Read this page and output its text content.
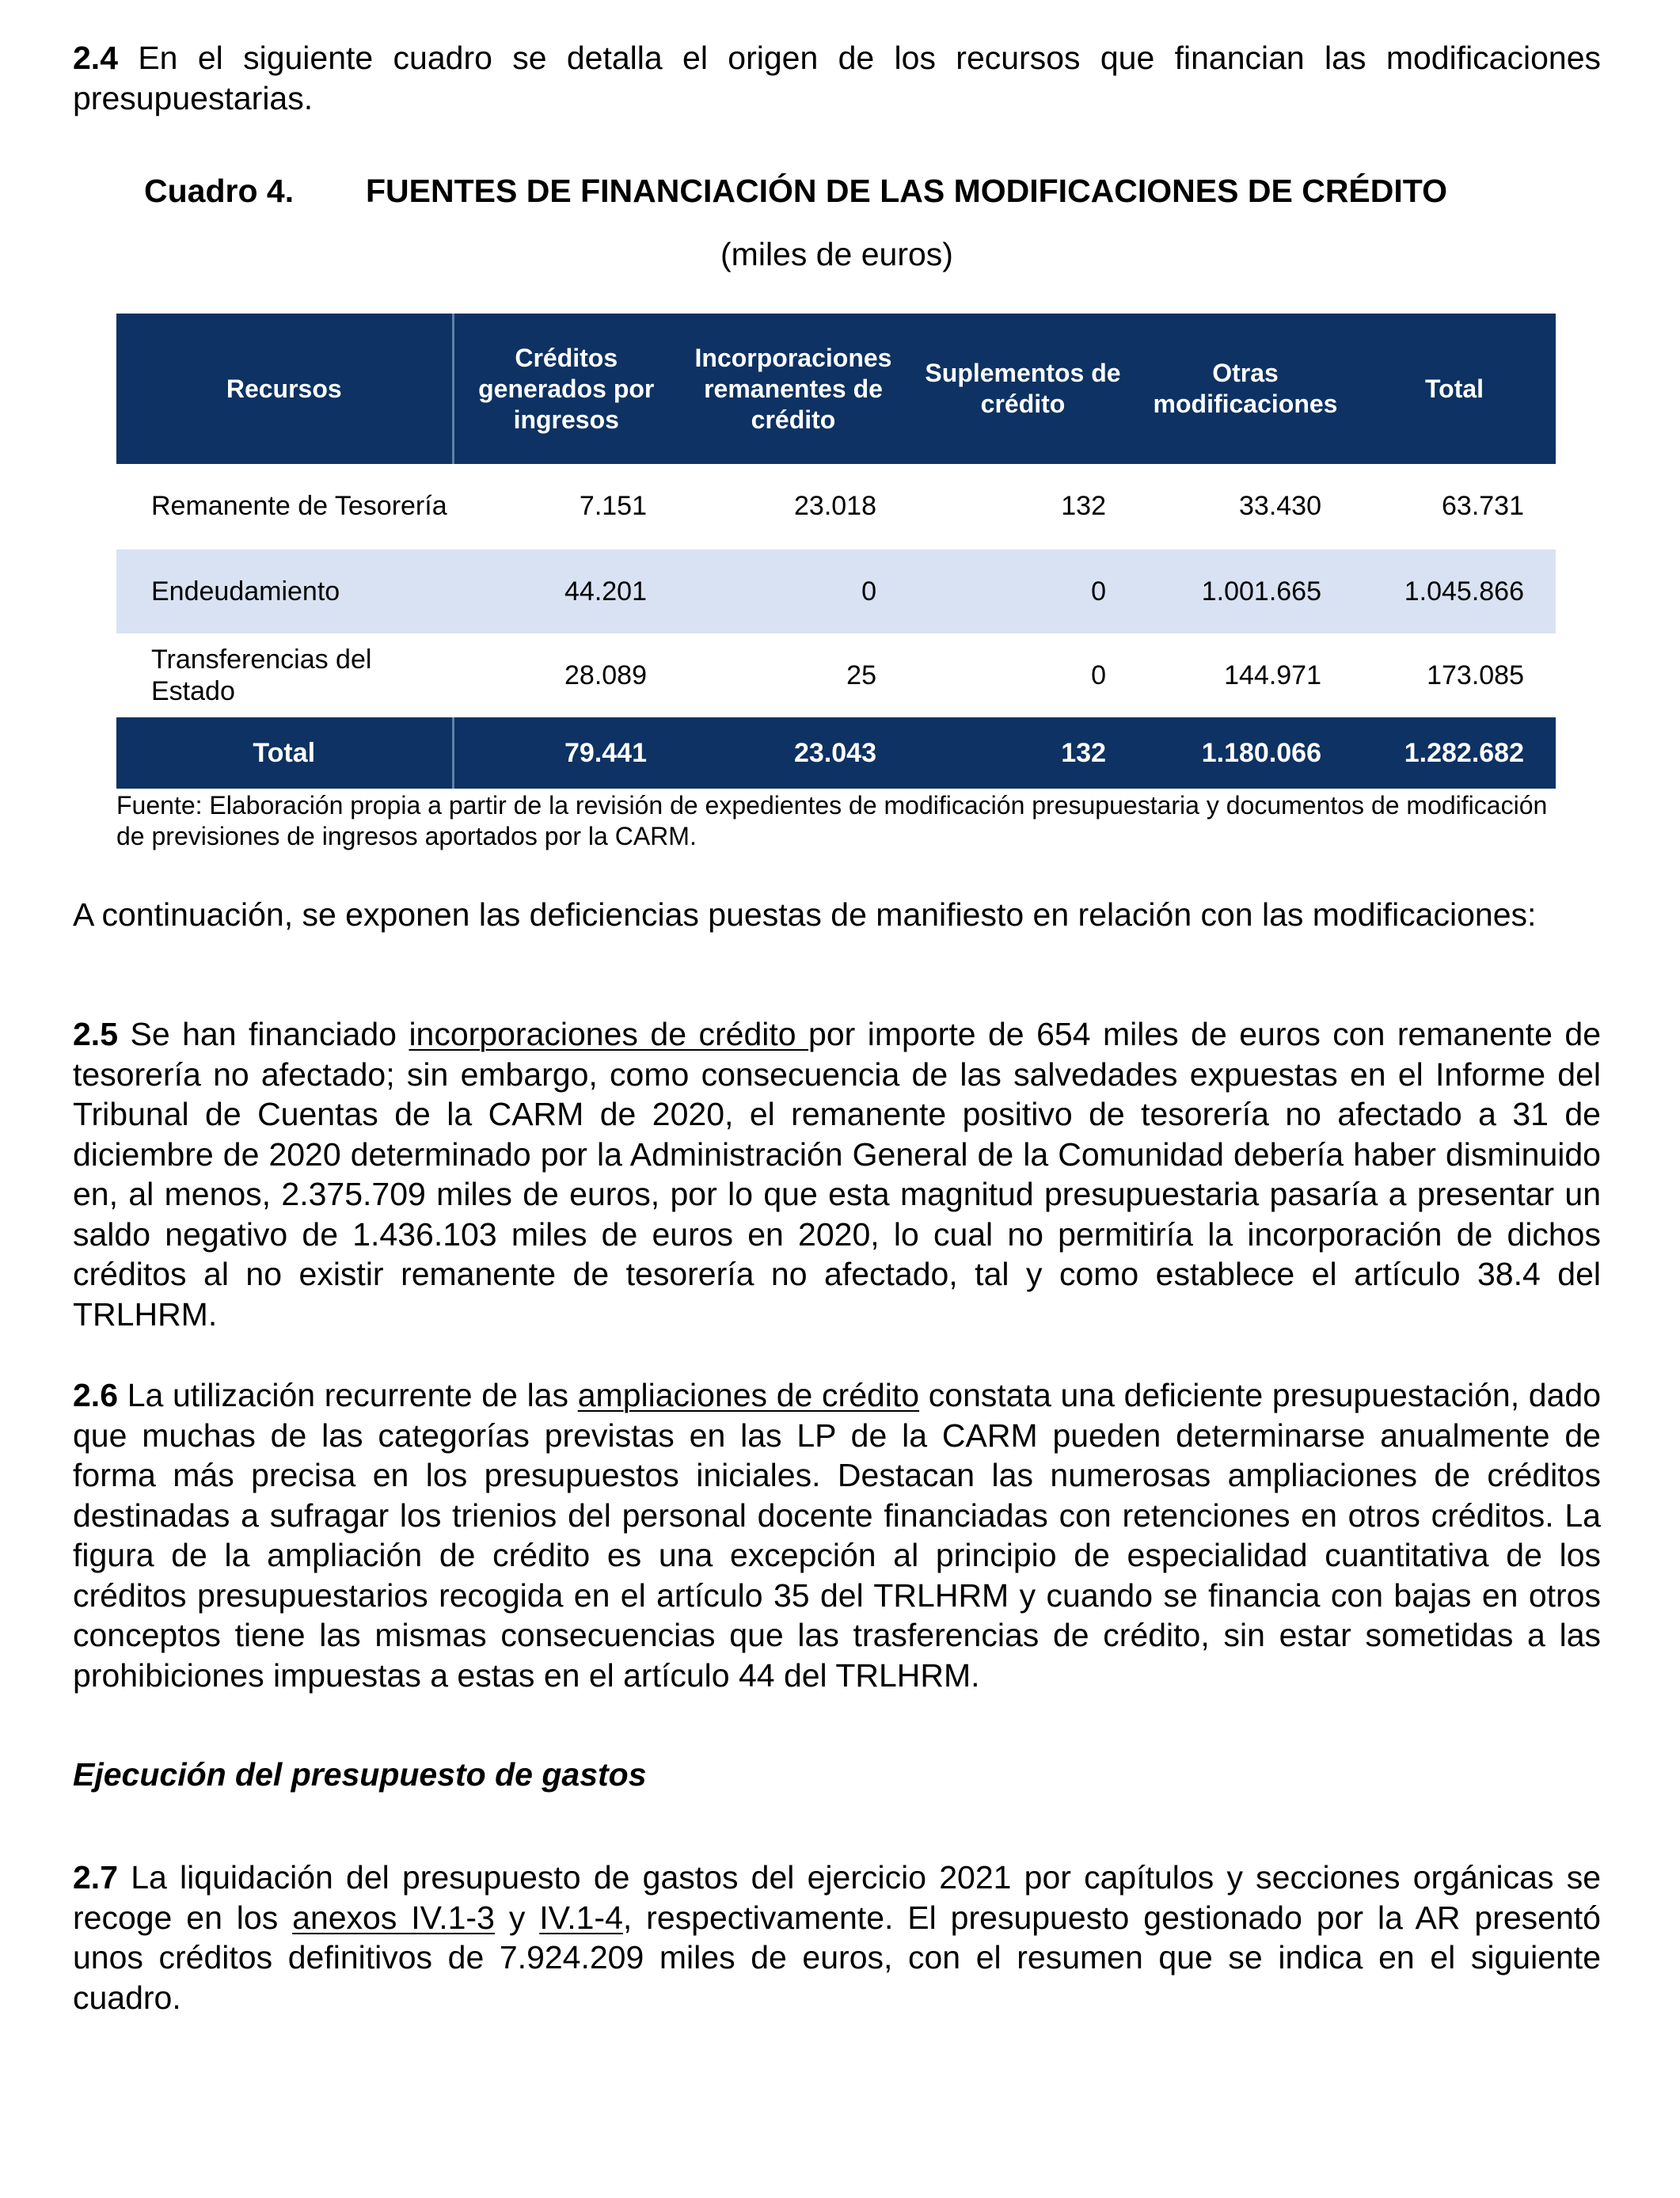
2.4 En el siguiente cuadro se detalla el origen de los recursos que financian las modificaciones presupuestarias.

Cuadro 4. FUENTES DE FINANCIACIÓN DE LAS MODIFICACIONES DE CRÉDITO
(miles de euros)
Recursos	Créditos generados por ingresos	Incorporaciones remanentes de crédito	Suplementos de crédito	Otras modificaciones	Total
Remanente de Tesorería	7.151	23.018	132	33.430	63.731
Endeudamiento	44.201	0	0	1.001.665	1.045.866
Transferencias del Estado	28.089	25	0	144.971	173.085
Total	79.441	23.043	132	1.180.066	1.282.682
Fuente: Elaboración propia a partir de la revisión de expedientes de modificación presupuestaria y documentos de modificación de previsiones de ingresos aportados por la CARM.

A continuación, se exponen las deficiencias puestas de manifiesto en relación con las modificaciones:

2.5 Se han financiado incorporaciones de crédito por importe de 654 miles de euros con remanente de tesorería no afectado; sin embargo, como consecuencia de las salvedades expuestas en el Informe del Tribunal de Cuentas de la CARM de 2020, el remanente positivo de tesorería no afectado a 31 de diciembre de 2020 determinado por la Administración General de la Comunidad debería haber disminuido en, al menos, 2.375.709 miles de euros, por lo que esta magnitud presupuestaria pasaría a presentar un saldo negativo de 1.436.103 miles de euros en 2020, lo cual no permitiría la incorporación de dichos créditos al no existir remanente de tesorería no afectado, tal y como establece el artículo 38.4 del TRLHRM.

2.6 La utilización recurrente de las ampliaciones de crédito constata una deficiente presupuestación, dado que muchas de las categorías previstas en las LP de la CARM pueden determinarse anualmente de forma más precisa en los presupuestos iniciales. Destacan las numerosas ampliaciones de créditos destinadas a sufragar los trienios del personal docente financiadas con retenciones en otros créditos. La figura de la ampliación de crédito es una excepción al principio de especialidad cuantitativa de los créditos presupuestarios recogida en el artículo 35 del TRLHRM y cuando se financia con bajas en otros conceptos tiene las mismas consecuencias que las trasferencias de crédito, sin estar sometidas a las prohibiciones impuestas a estas en el artículo 44 del TRLHRM.

Ejecución del presupuesto de gastos

2.7 La liquidación del presupuesto de gastos del ejercicio 2021 por capítulos y secciones orgánicas se recoge en los anexos IV.1-3 y IV.1-4, respectivamente. El presupuesto gestionado por la AR presentó unos créditos definitivos de 7.924.209 miles de euros, con el resumen que se indica en el siguiente cuadro.
